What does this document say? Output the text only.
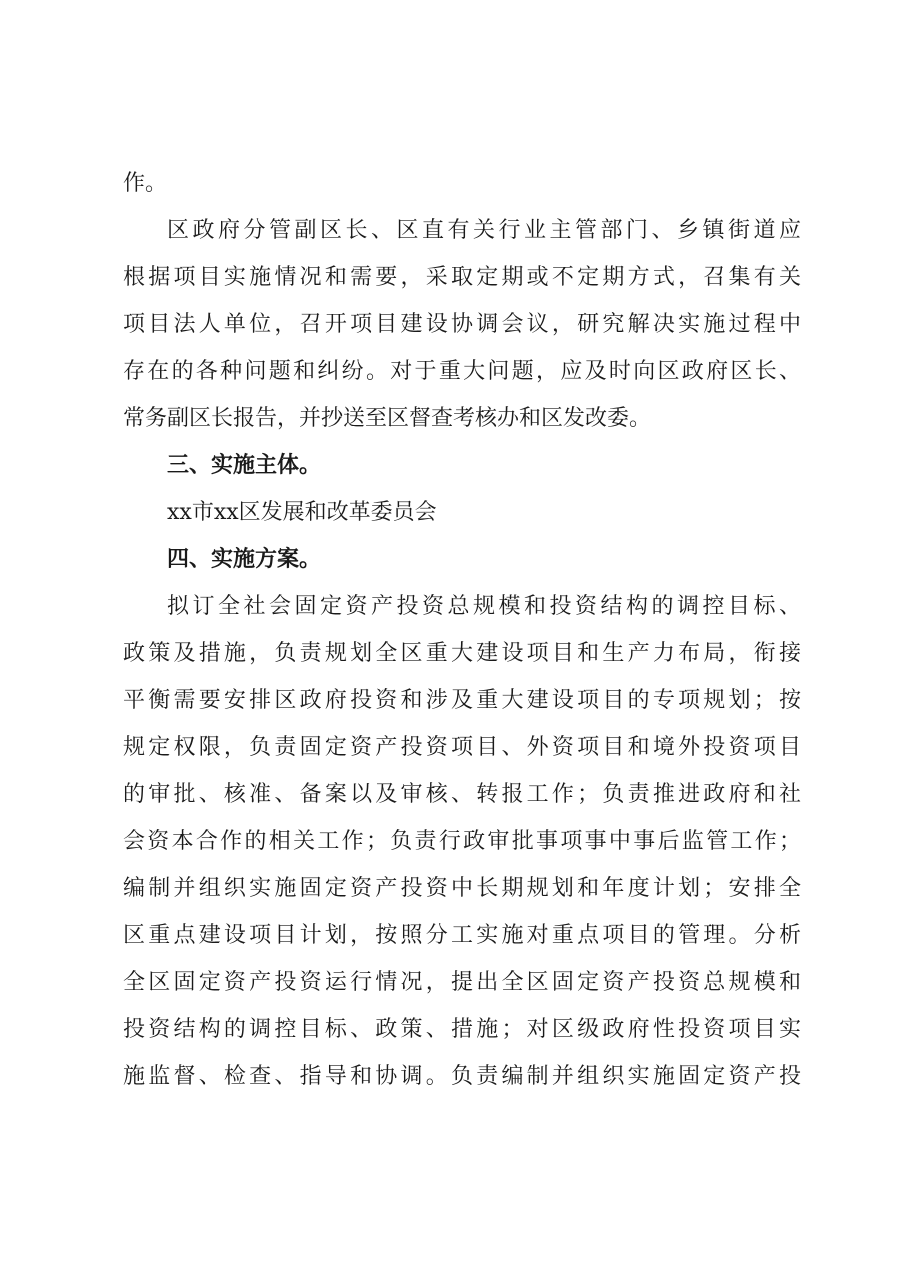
作。
区政府分管副区长、区直有关行业主管部门、乡镇街道应
根据项目实施情况和需要，采取定期或不定期方式，召集有关
项目法人单位，召开项目建设协调会议，研究解决实施过程中
存在的各种问题和纠纷。对于重大问题，应及时向区政府区长、
常务副区长报告，并抄送至区督查考核办和区发改委。
三、实施主体。
xx市xx区发展和改革委员会
四、实施方案。
拟订全社会固定资产投资总规模和投资结构的调控目标、
政策及措施，负责规划全区重大建设项目和生产力布局，衔接
平衡需要安排区政府投资和涉及重大建设项目的专项规划；按
规定权限，负责固定资产投资项目、外资项目和境外投资项目
的审批、核准、备案以及审核、转报工作；负责推进政府和社
会资本合作的相关工作；负责行政审批事项事中事后监管工作；
编制并组织实施固定资产投资中长期规划和年度计划；安排全
区重点建设项目计划，按照分工实施对重点项目的管理。分析
全区固定资产投资运行情况，提出全区固定资产投资总规模和
投资结构的调控目标、政策、措施；对区级政府性投资项目实
施监督、检查、指导和协调。负责编制并组织实施固定资产投
